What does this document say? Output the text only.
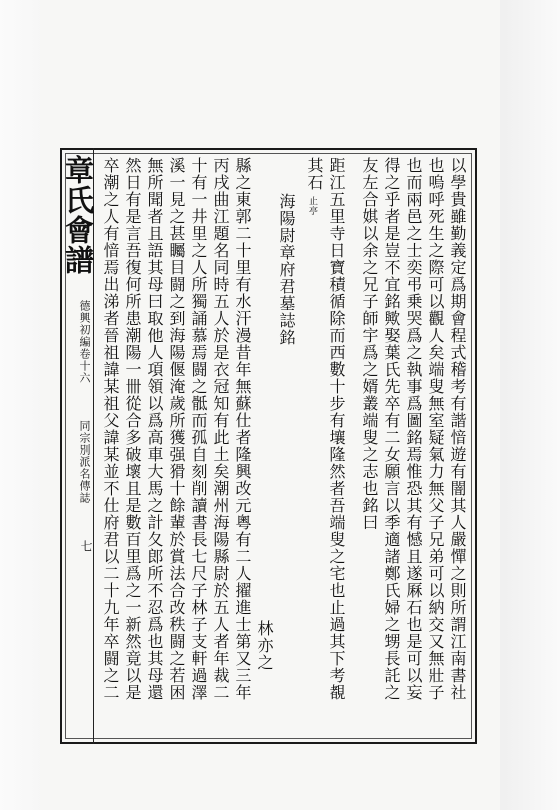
章氏會譜
德興初編卷十六
同宗別派名傳誌
七	以學貴雖勤義定爲期會程式稽考有諧愔遊有闇其人嚴憚之則所謂江南書社
也嗚呼死生之際可以觀人矣端叟無室疑氣力無父子兄弟可以納交又無壯子
也而兩邑之士奕弔乗哭爲之執事爲圖銘焉惟恐其有憾且遂厤石也是可以妄
得之乎者是豈不宜銘歟娶葉氏先卒有二女願言以季適諸鄭氏婦之甥長託之
友左合娸以余之兄子師宇爲之婿叢端叟之志也銘曰
距江五里寺日寶積循除而西數十步有壤隆然者吾端叟之宅也止過其下考覩
其石
止亭
海陽尉章府君墓誌銘
林亦之
縣之東郭二十里有水汗漫昔年無蘇仕者隆興改元粵有二人擢進士第又三年
丙戌曲江題名同時五人於是衣冠知有此土矣潮州海陽縣尉於五人者年裁二
十有一井里之人所獨誦慕焉闘之骶而孤自刻削讀書長七尺子林子支軒過澤
溪一見之甚矚目闘之到海陽偃淹歲所獲强猾十餘輩於賞法合改秩闘之若困
無所聞者且語其母曰取他人項領以爲高車大馬之計夂郎所不忍爲也其母還
然日有是言吾復何所患潮陽一卌從合多破壞且是數百里爲之一新然竟以是
卒潮之人有愔焉出涕者晉祖諱某祖父諱某並不仕府君以二十九年卒闘之二
